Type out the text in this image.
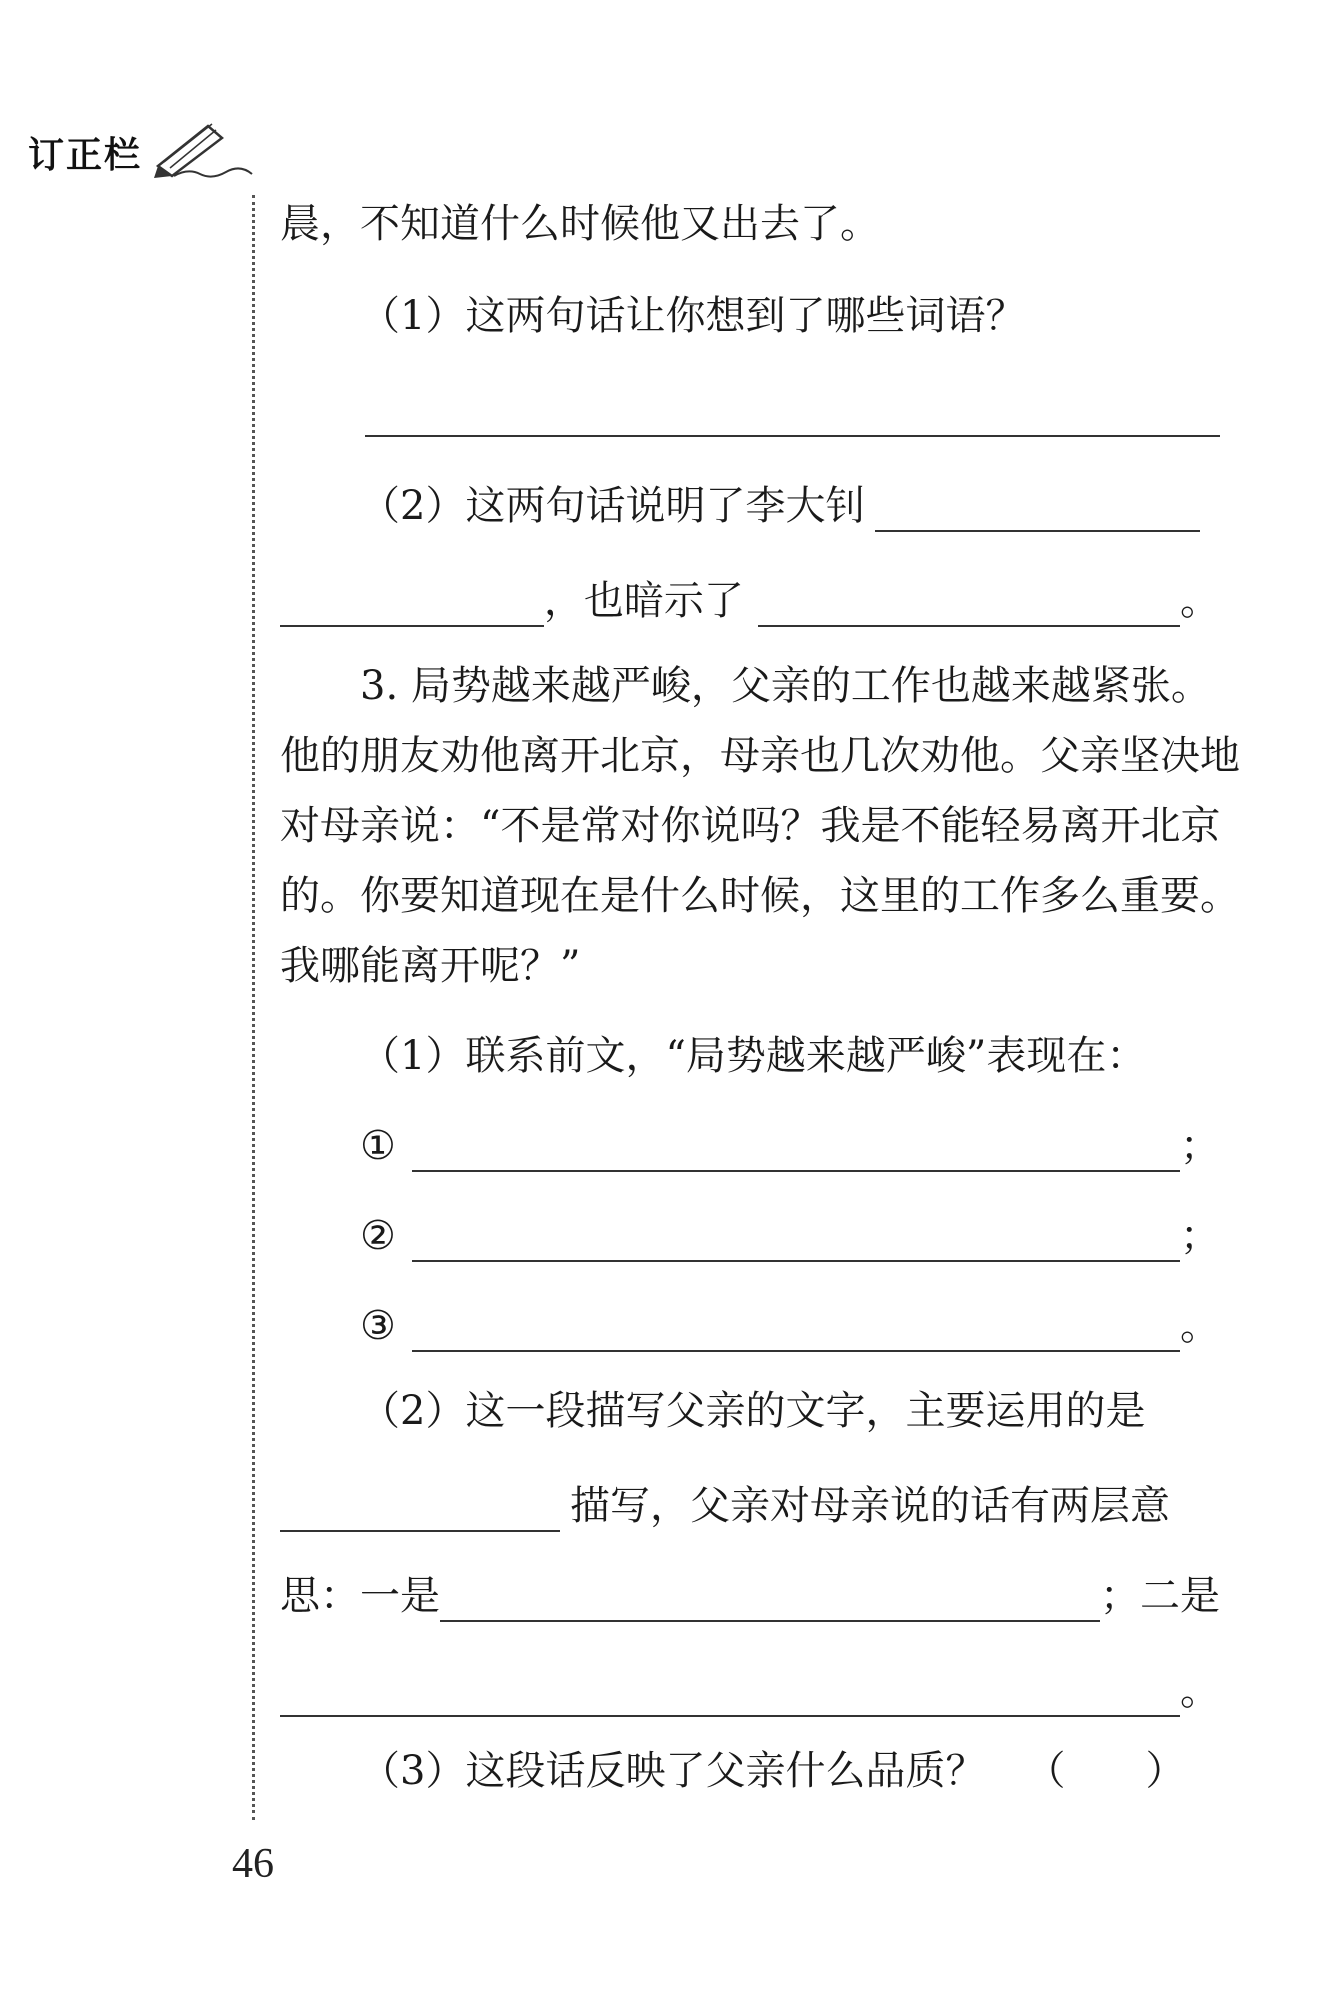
订正栏
晨，不知道什么时候他又出去了。
（1）这两句话让你想到了哪些词语？
（2）这两句话说明了李大钊
，也暗示了	。
3. 局势越来越严峻，父亲的工作也越来越紧张。
他的朋友劝他离开北京，母亲也几次劝他。父亲坚决地
对母亲说：“不是常对你说吗？我是不能轻易离开北京
的。你要知道现在是什么时候，这里的工作多么重要。
我哪能离开呢？”
（1）联系前文，“局势越来越严峻”表现在：
①	；
②	；
③	。
（2）这一段描写父亲的文字，主要运用的是
描写，父亲对母亲说的话有两层意
思：一是	；二是
。
（3）这段话反映了父亲什么品质？ （　　）
46
